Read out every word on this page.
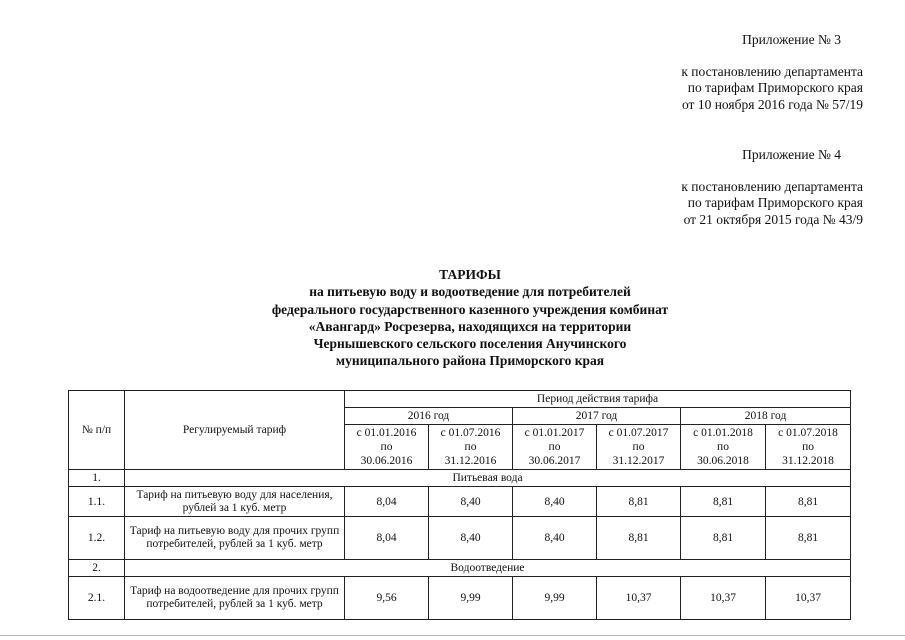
Приложение № 3
к постановлению департамента
по тарифам Приморского края
от 10 ноября 2016 года № 57/19
Приложение № 4
к постановлению департамента
по тарифам Приморского края
от 21 октября 2015 года № 43/9
ТАРИФЫ
на питьевую воду и водоотведение для потребителей
федерального государственного казенного учреждения комбинат
«Авангард» Росрезерва, находящихся на территории
Чернышевского сельского поселения Анучинского
муниципального района Приморского края
№ п/п	Регулируемый тариф	Период действия тарифа					
		2016 год		2017 год		2018 год	

		с 01.01.2016
по
30.06.2016	с 01.07.2016
по
31.12.2016	с 01.01.2017
по
30.06.2017	с 01.07.2017
по
31.12.2017	с 01.01.2018
по
30.06.2018	с 01.07.2018
по
31.12.2018

1.	Питьевая вода						
1.1.	Тариф на питьевую воду для населения, рублей за 1 куб. метр	8,04	8,40	8,40	8,81	8,81	8,81
1.2.	Тариф на питьевую воду для прочих групп потребителей, рублей за 1 куб. метр	8,04	8,40	8,40	8,81	8,81	8,81
2.	Водоотведение						
2.1.	Тариф на водоотведение для прочих групп потребителей, рублей за 1 куб. метр	9,56	9,99	9,99	10,37	10,37	10,37
